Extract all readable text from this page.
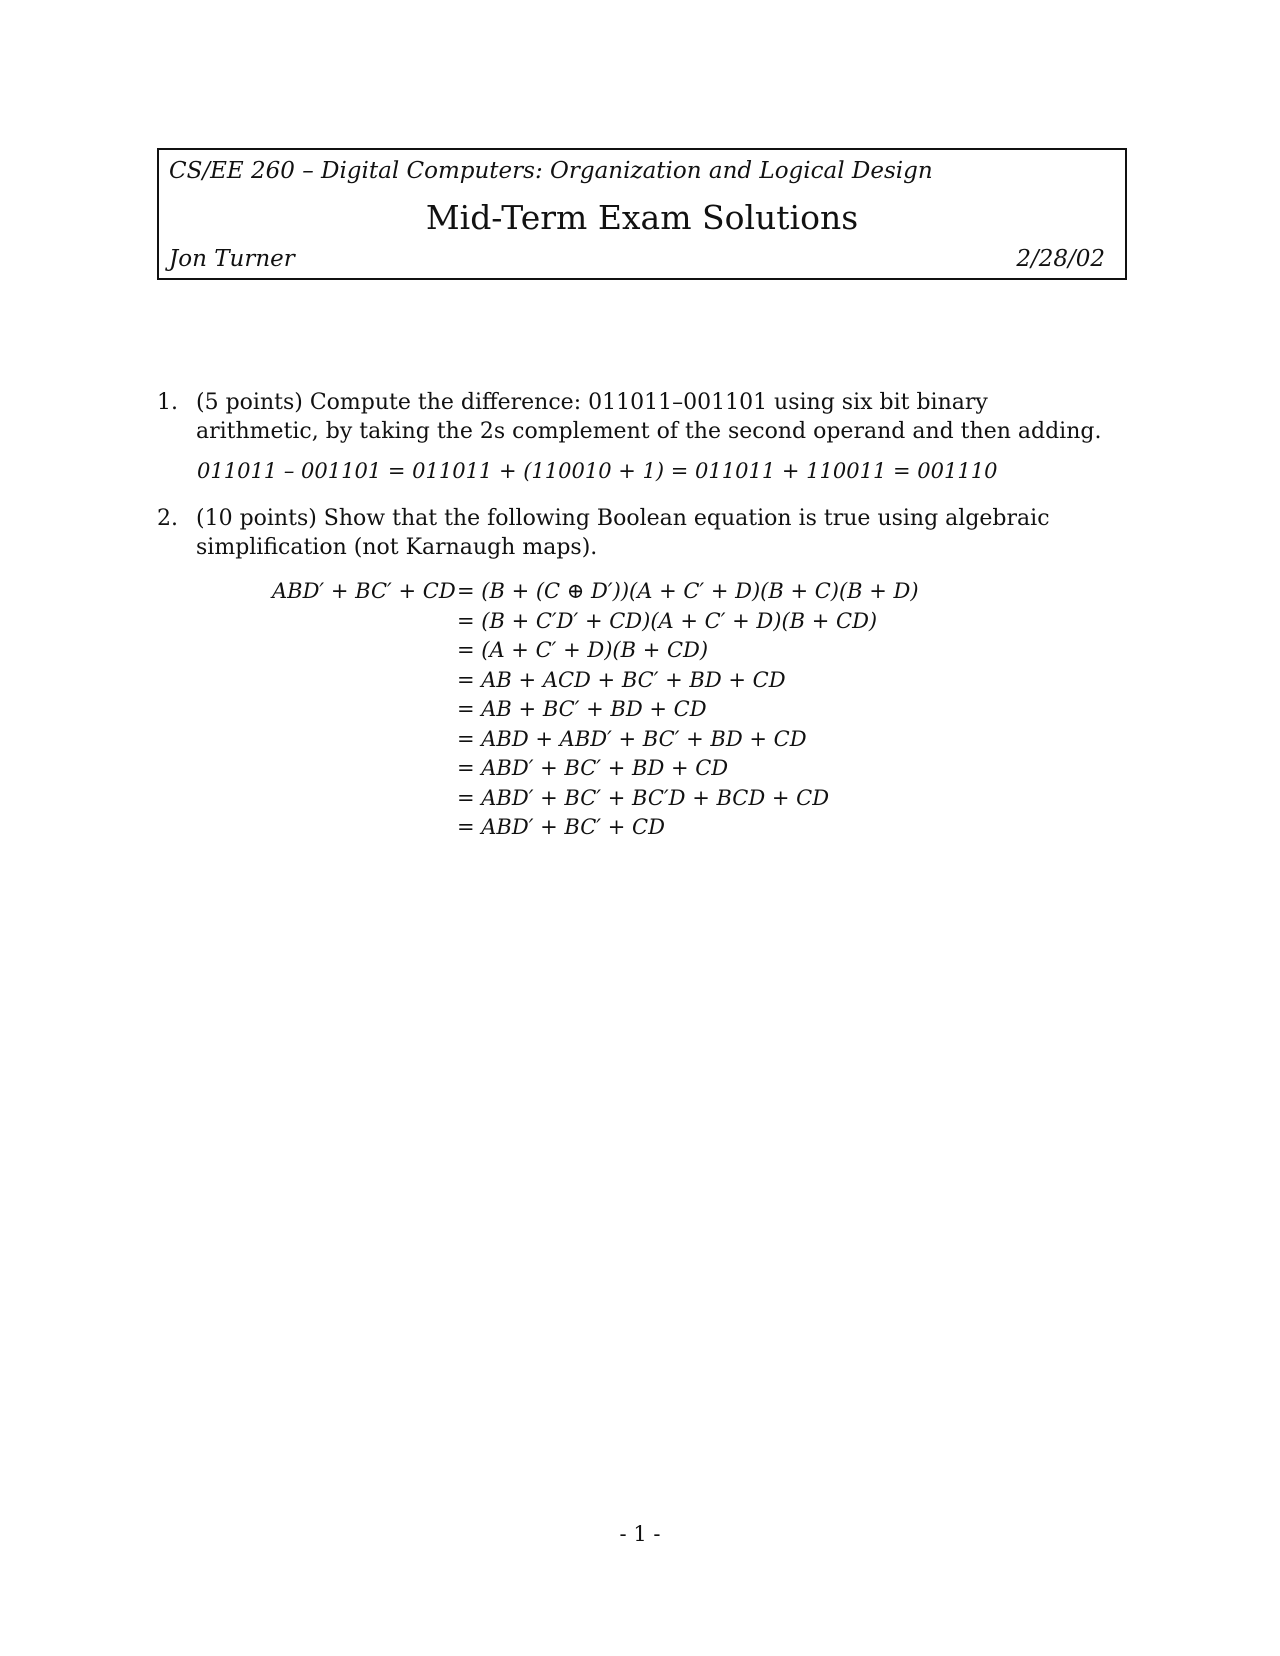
CS/EE 260 – Digital Computers: Organization and Logical Design
Mid-Term Exam Solutions
Jon Turner	2/28/02
1. (5 points) Compute the difference: 011011–001101 using six bit binary arithmetic, by taking the 2s complement of the second operand and then adding.
011011 – 001101 = 011011 + (110010 + 1) = 011011 + 110011 = 001110
2. (10 points) Show that the following Boolean equation is true using algebraic simplification (not Karnaugh maps).
ABD′ + BC′ + CD = (B + (C ⊕ D′))(A + C′ + D)(B + C)(B + D)
= (B + C′D′ + CD)(A + C′ + D)(B + CD)
= (A + C′ + D)(B + CD)
= AB + ACD + BC′ + BD + CD
= AB + BC′ + BD + CD
= ABD + ABD′ + BC′ + BD + CD
= ABD′ + BC′ + BD + CD
= ABD′ + BC′ + BC′D + BCD + CD
= ABD′ + BC′ + CD
- 1 -
